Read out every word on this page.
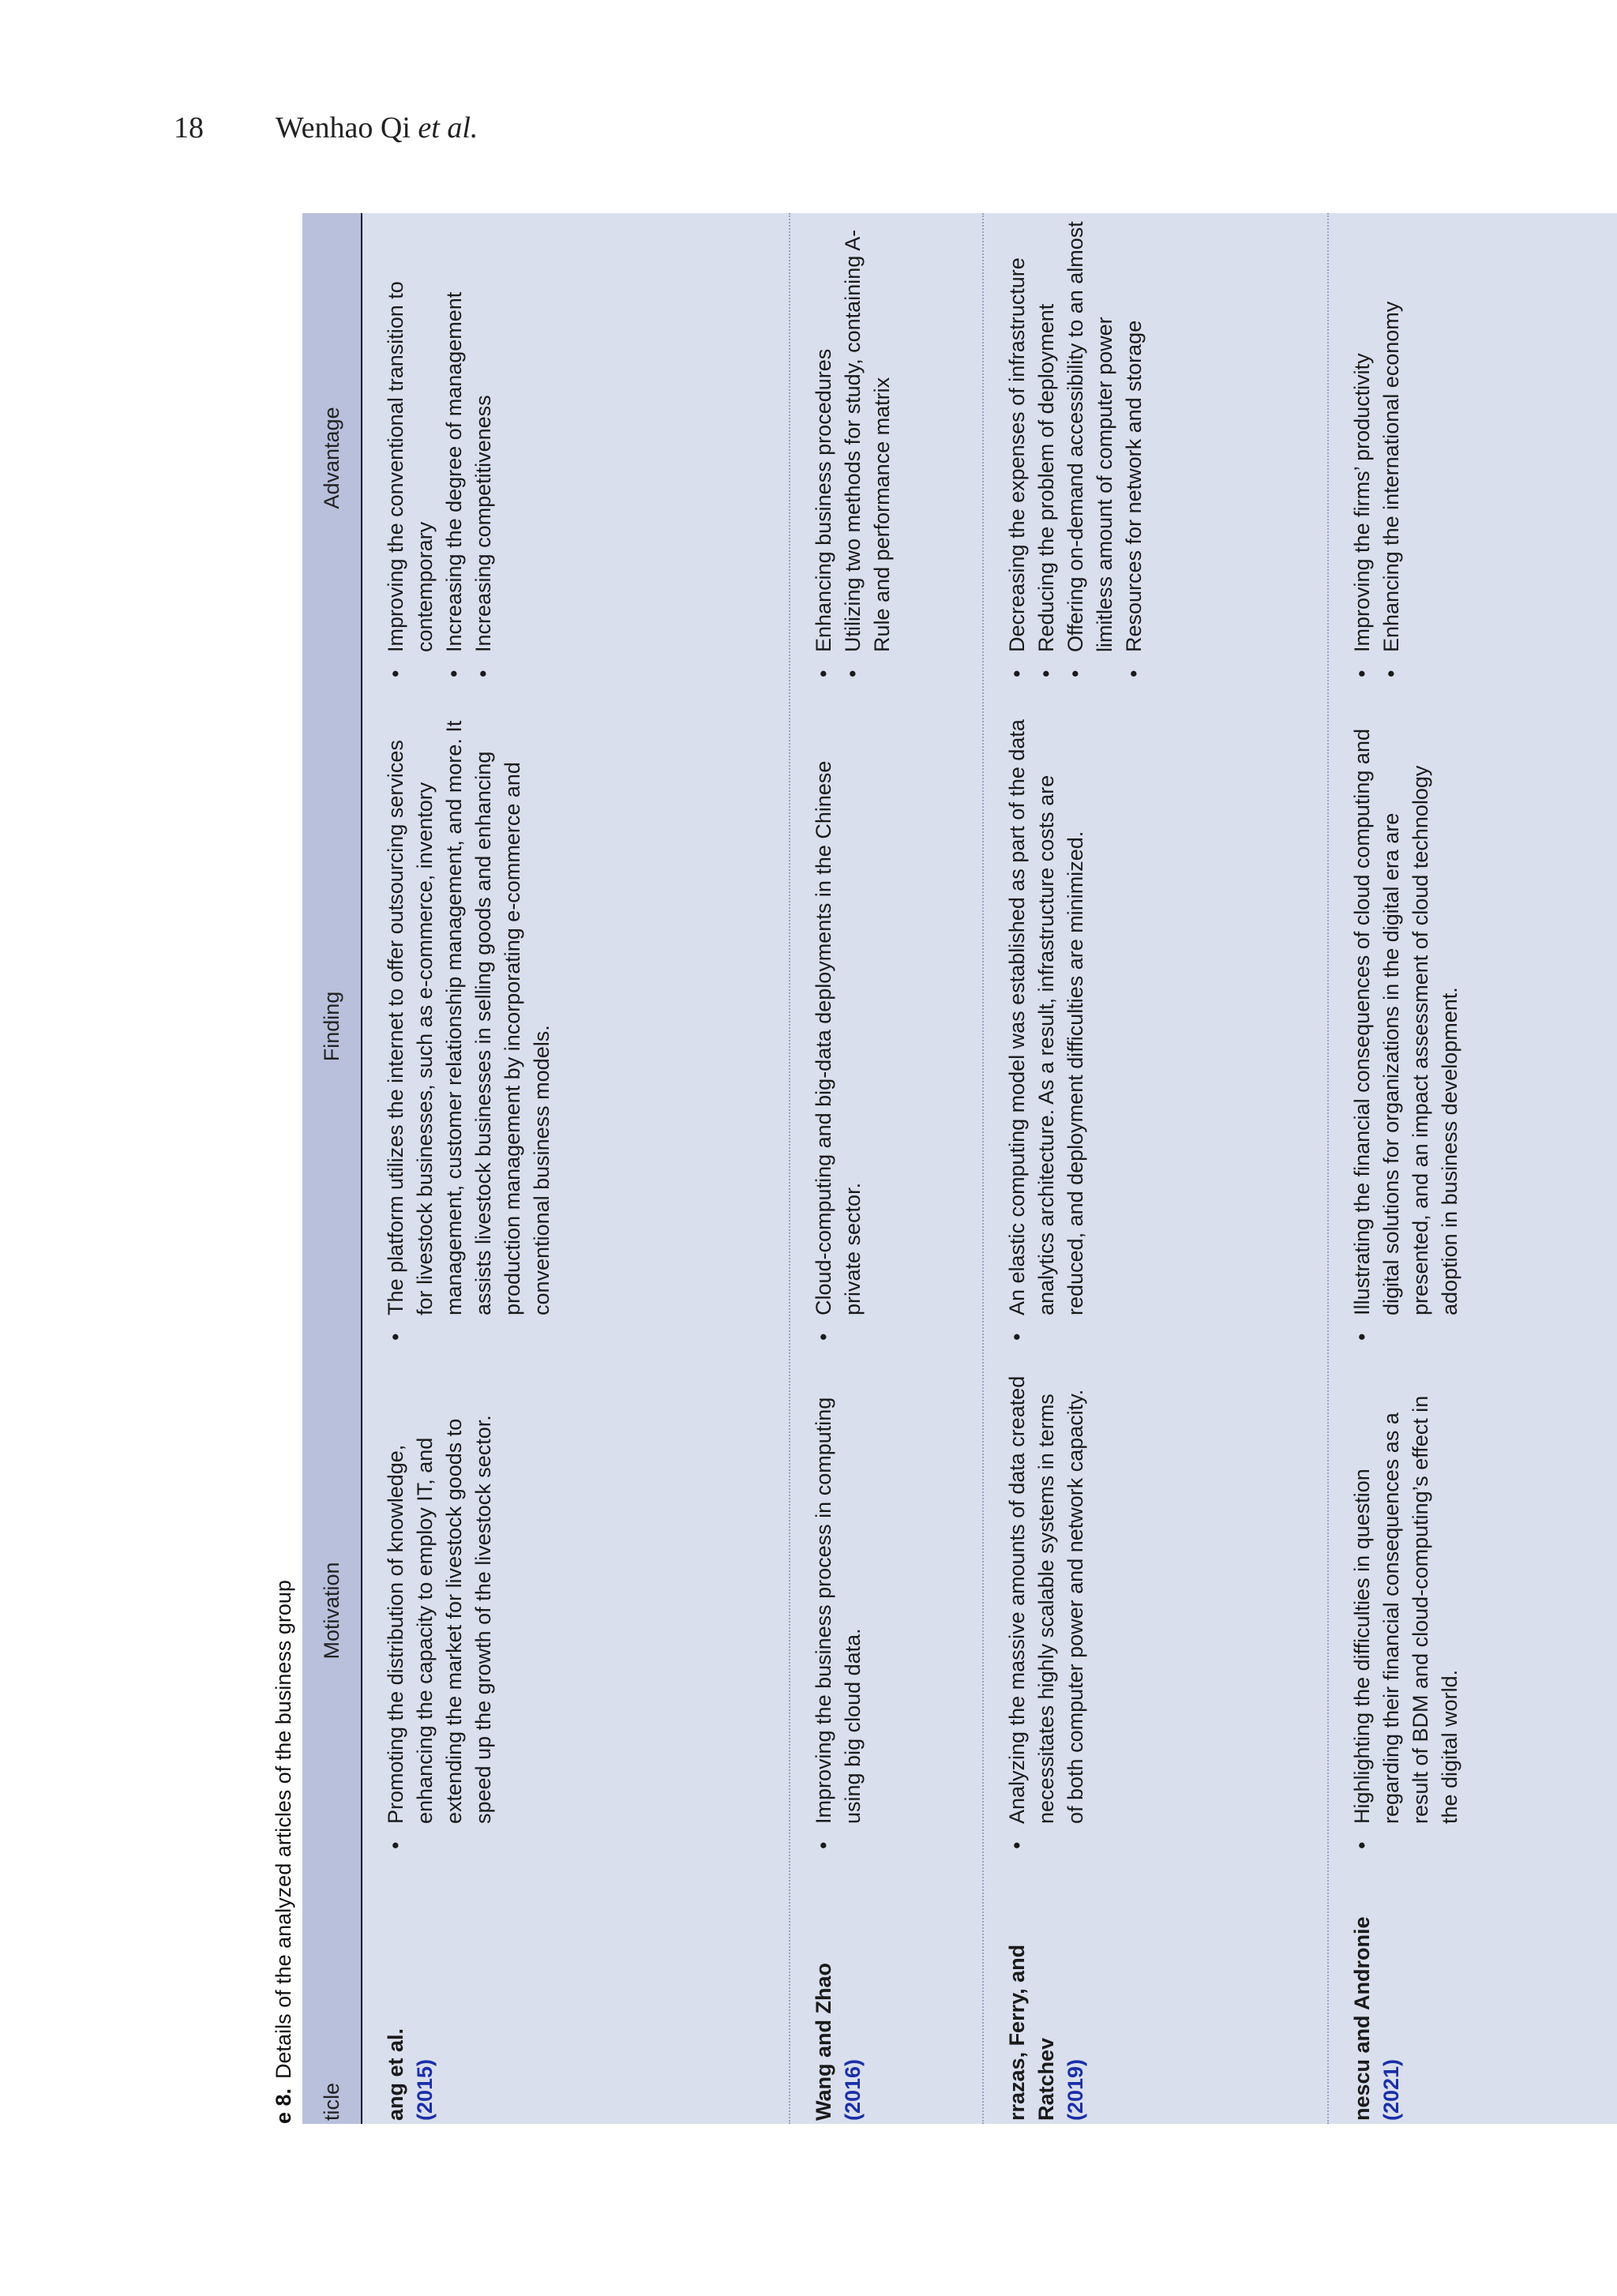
18 Wenhao Qi et al.
e 8.
Details of the analyzed articles of the business group
ticle
Motivation
Finding
Advantage
ang et al. (2015)
• Promoting the distribution of knowledge, enhancing the capacity to employ IT, and extending the market for livestock goods to speed up the growth of the livestock sector.
• The platform utilizes the internet to offer outsourcing services for livestock businesses, such as e-commerce, inventory management, customer relationship management, and more. It assists livestock businesses in selling goods and enhancing production management by incorporating e-commerce and conventional business models.
• Improving the conventional transition to contemporary • Increasing the degree of management • Increasing competitiveness
Wang and Zhao (2016)
• Improving the business process in computing using big cloud data.
• Cloud-computing and big-data deployments in the Chinese private sector.
• Enhancing business procedures • Utilizing two methods for study, containing A-Rule and performance matrix
rrazas, Ferry, and Ratchev (2019)
• Analyzing the massive amounts of data created necessitates highly scalable systems in terms of both computer power and network capacity.
• An elastic computing model was established as part of the data analytics architecture. As a result, infrastructure costs are reduced, and deployment difficulties are minimized.
• Decreasing the expenses of infrastructure • Reducing the problem of deployment • Offering on-demand accessibility to an almost limitless amount of computer power • Resources for network and storage
nescu and Andronie (2021)
• Highlighting the difficulties in question regarding their financial consequences as a result of BDM and cloud-computing’s effect in the digital world.
• Illustrating the financial consequences of cloud computing and digital solutions for organizations in the digital era are presented, and an impact assessment of cloud technology adoption in business development.
• Improving the firms’ productivity • Enhancing the international economy
